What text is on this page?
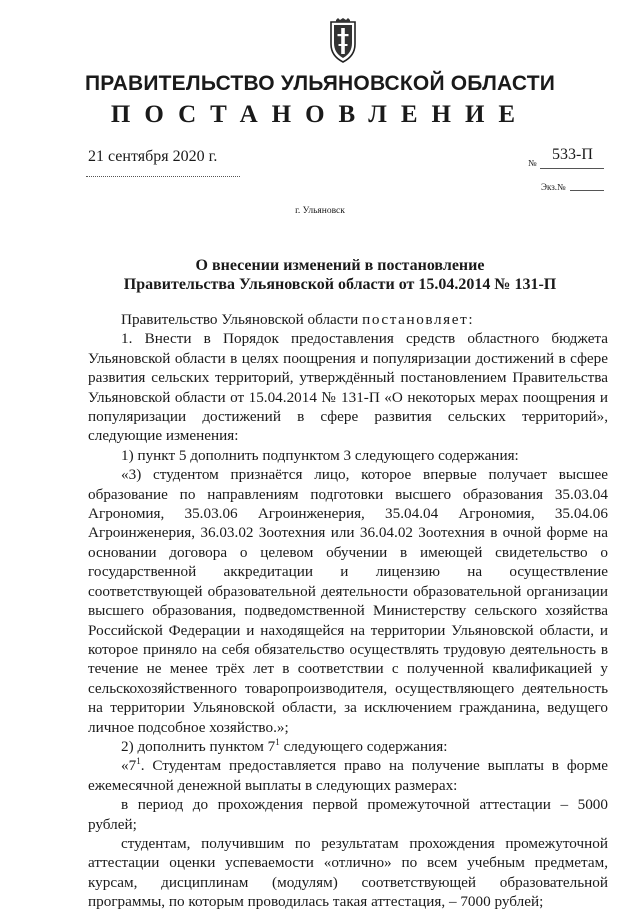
ПРАВИТЕЛЬСТВО УЛЬЯНОВСКОЙ ОБЛАСТИ
ПОСТАНОВЛЕНИЕ
21 сентября 2020 г.	№ 533-П
Экз.№
г. Ульяновск
О внесении изменений в постановление
Правительства Ульяновской области от 15.04.2014 № 131-П

Правительство Ульяновской области постановляет:

1. Внести в Порядок предоставления средств областного бюджета Ульяновской области в целях поощрения и популяризации достижений в сфере развития сельских территорий, утверждённый постановлением Правительства Ульяновской области от 15.04.2014 № 131-П «О некоторых мерах поощрения и популяризации достижений в сфере развития сельских территорий», следующие изменения:

1) пункт 5 дополнить подпунктом 3 следующего содержания:

«3) студентом признаётся лицо, которое впервые получает высшее образование по направлениям подготовки высшего образования 35.03.04 Агрономия, 35.03.06 Агроинженерия, 35.04.04 Агрономия, 35.04.06 Агроинженерия, 36.03.02 Зоотехния или 36.04.02 Зоотехния в очной форме на основании договора о целевом обучении в имеющей свидетельство о государственной аккредитации и лицензию на осуществление соответствующей образовательной деятельности образовательной организации высшего образования, подведомственной Министерству сельского хозяйства Российской Федерации и находящейся на территории Ульяновской области, и которое приняло на себя обязательство осуществлять трудовую деятельность в течение не менее трёх лет в соответствии с полученной квалификацией у сельскохозяйственного товаропроизводителя, осуществляющего деятельность на территории Ульяновской области, за исключением гражданина, ведущего личное подсобное хозяйство.»;

2) дополнить пунктом $7^1$ следующего содержания:

«$7^1$. Студентам предоставляется право на получение выплаты в форме ежемесячной денежной выплаты в следующих размерах:

в период до прохождения первой промежуточной аттестации – 5000 рублей;

студентам, получившим по результатам прохождения промежуточной аттестации оценки успеваемости «отлично» по всем учебным предметам, курсам, дисциплинам (модулям) соответствующей образовательной программы, по которым проводилась такая аттестация, – 7000 рублей;
